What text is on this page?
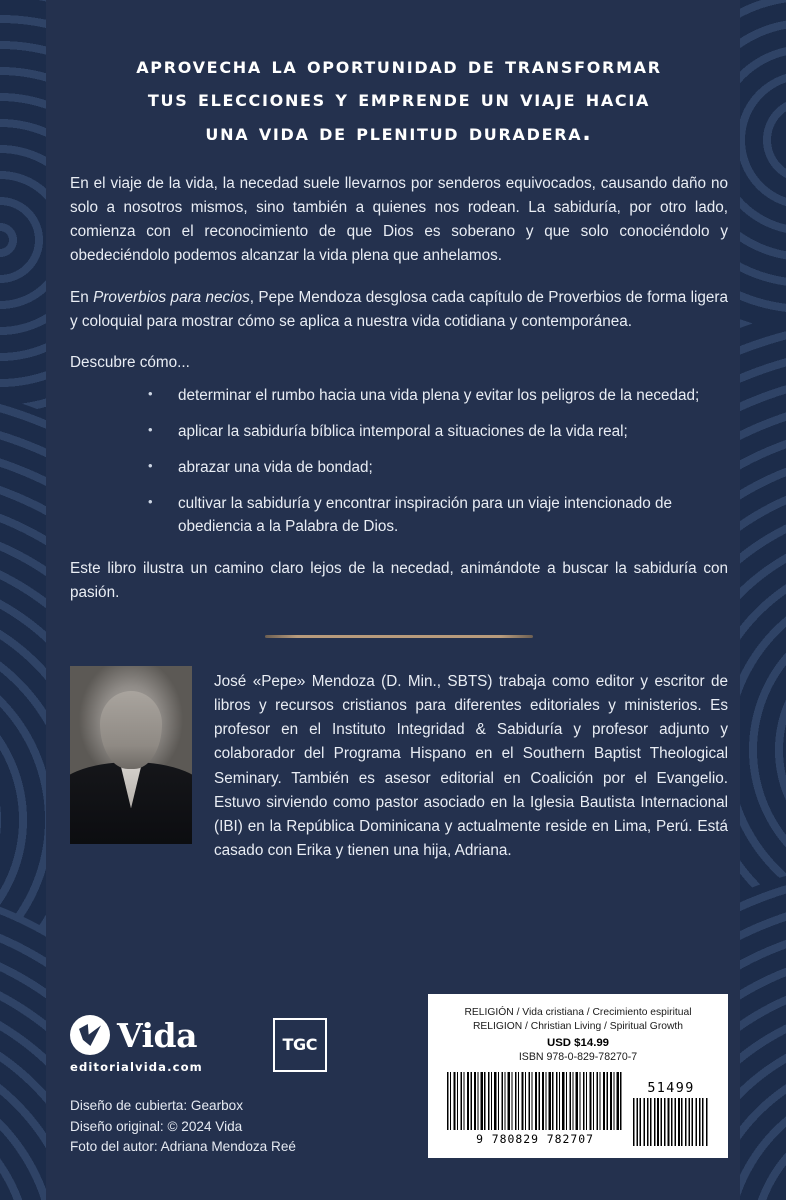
aprovecha la oportunidad de transformar
tus elecciones y emprende un viaje hacia
una vida de plenitud duradera.

En el viaje de la vida, la necedad suele llevarnos por senderos equivocados, causando daño no solo a nosotros mismos, sino también a quienes nos rodean. La sabiduría, por otro lado, comienza con el reconocimiento de que Dios es soberano y que solo conociéndolo y obedeciéndolo podemos alcanzar la vida plena que anhelamos.

En Proverbios para necios, Pepe Mendoza desglosa cada capítulo de Proverbios de forma ligera y coloquial para mostrar cómo se aplica a nuestra vida cotidiana y contemporánea.

Descubre cómo...

• determinar el rumbo hacia una vida plena y evitar los peligros de la necedad;
• aplicar la sabiduría bíblica intemporal a situaciones de la vida real;
• abrazar una vida de bondad;
• cultivar la sabiduría y encontrar inspiración para un viaje intencionado de obediencia a la Palabra de Dios.

Este libro ilustra un camino claro lejos de la necedad, animándote a buscar la sabiduría con pasión.

José «Pepe» Mendoza (D. Min., SBTS) trabaja como editor y escritor de libros y recursos cristianos para diferentes editoriales y ministerios. Es profesor en el Instituto Integridad & Sabiduría y profesor adjunto y colaborador del Programa Hispano en el Southern Baptist Theological Seminary. También es asesor editorial en Coalición por el Evangelio. Estuvo sirviendo como pastor asociado en la Iglesia Bautista Internacional (IBI) en la República Dominicana y actualmente reside en Lima, Perú. Está casado con Erika y tienen una hija, Adriana.
Vida
editorialvida.com
TGC
Diseño de cubierta: Gearbox
Diseño original: © 2024 Vida
Foto del autor: Adriana Mendoza Reé
RELIGIÓN / Vida cristiana / Crecimiento espiritual
RELIGION / Christian Living / Spiritual Growth
USD $14.99
ISBN 978-0-829-78270-7
9 780829 782707
51499
